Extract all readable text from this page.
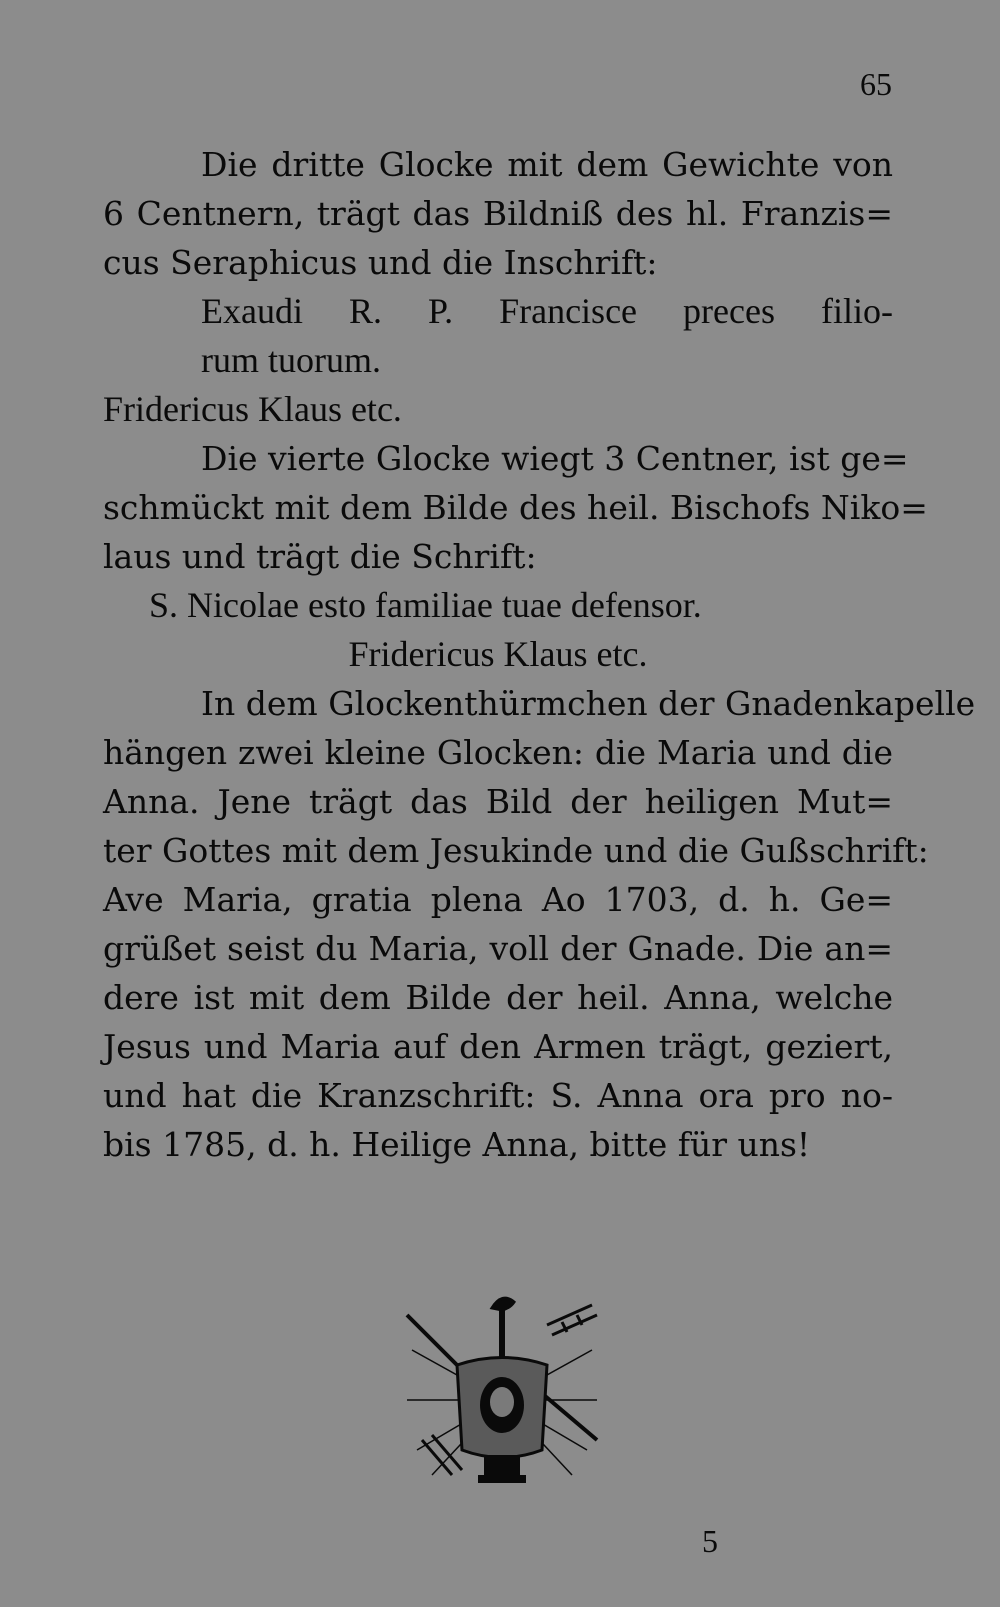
65
Die dritte Glocke mit dem Gewichte von
6 Centnern, trägt das Bildniß des hl. Franzis=
cus Seraphicus und die Inschrift:
Exaudi R. P. Francisce preces filio-
rum tuorum.
Fridericus Klaus etc.
Die vierte Glocke wiegt 3 Centner, ist ge=
schmückt mit dem Bilde des heil. Bischofs Niko=
laus und trägt die Schrift:
S. Nicolae esto familiae tuae defensor.
Fridericus Klaus etc.
In dem Glockenthürmchen der Gnadenkapelle
hängen zwei kleine Glocken: die Maria und die
Anna. Jene trägt das Bild der heiligen Mut=
ter Gottes mit dem Jesukinde und die Gußschrift:
Ave Maria, gratia plena Ao 1703, d. h. Ge=
grüßet seist du Maria, voll der Gnade. Die an=
dere ist mit dem Bilde der heil. Anna, welche
Jesus und Maria auf den Armen trägt, geziert,
und hat die Kranzschrift: S. Anna ora pro no-
bis 1785, d. h. Heilige Anna, bitte für uns!
5
